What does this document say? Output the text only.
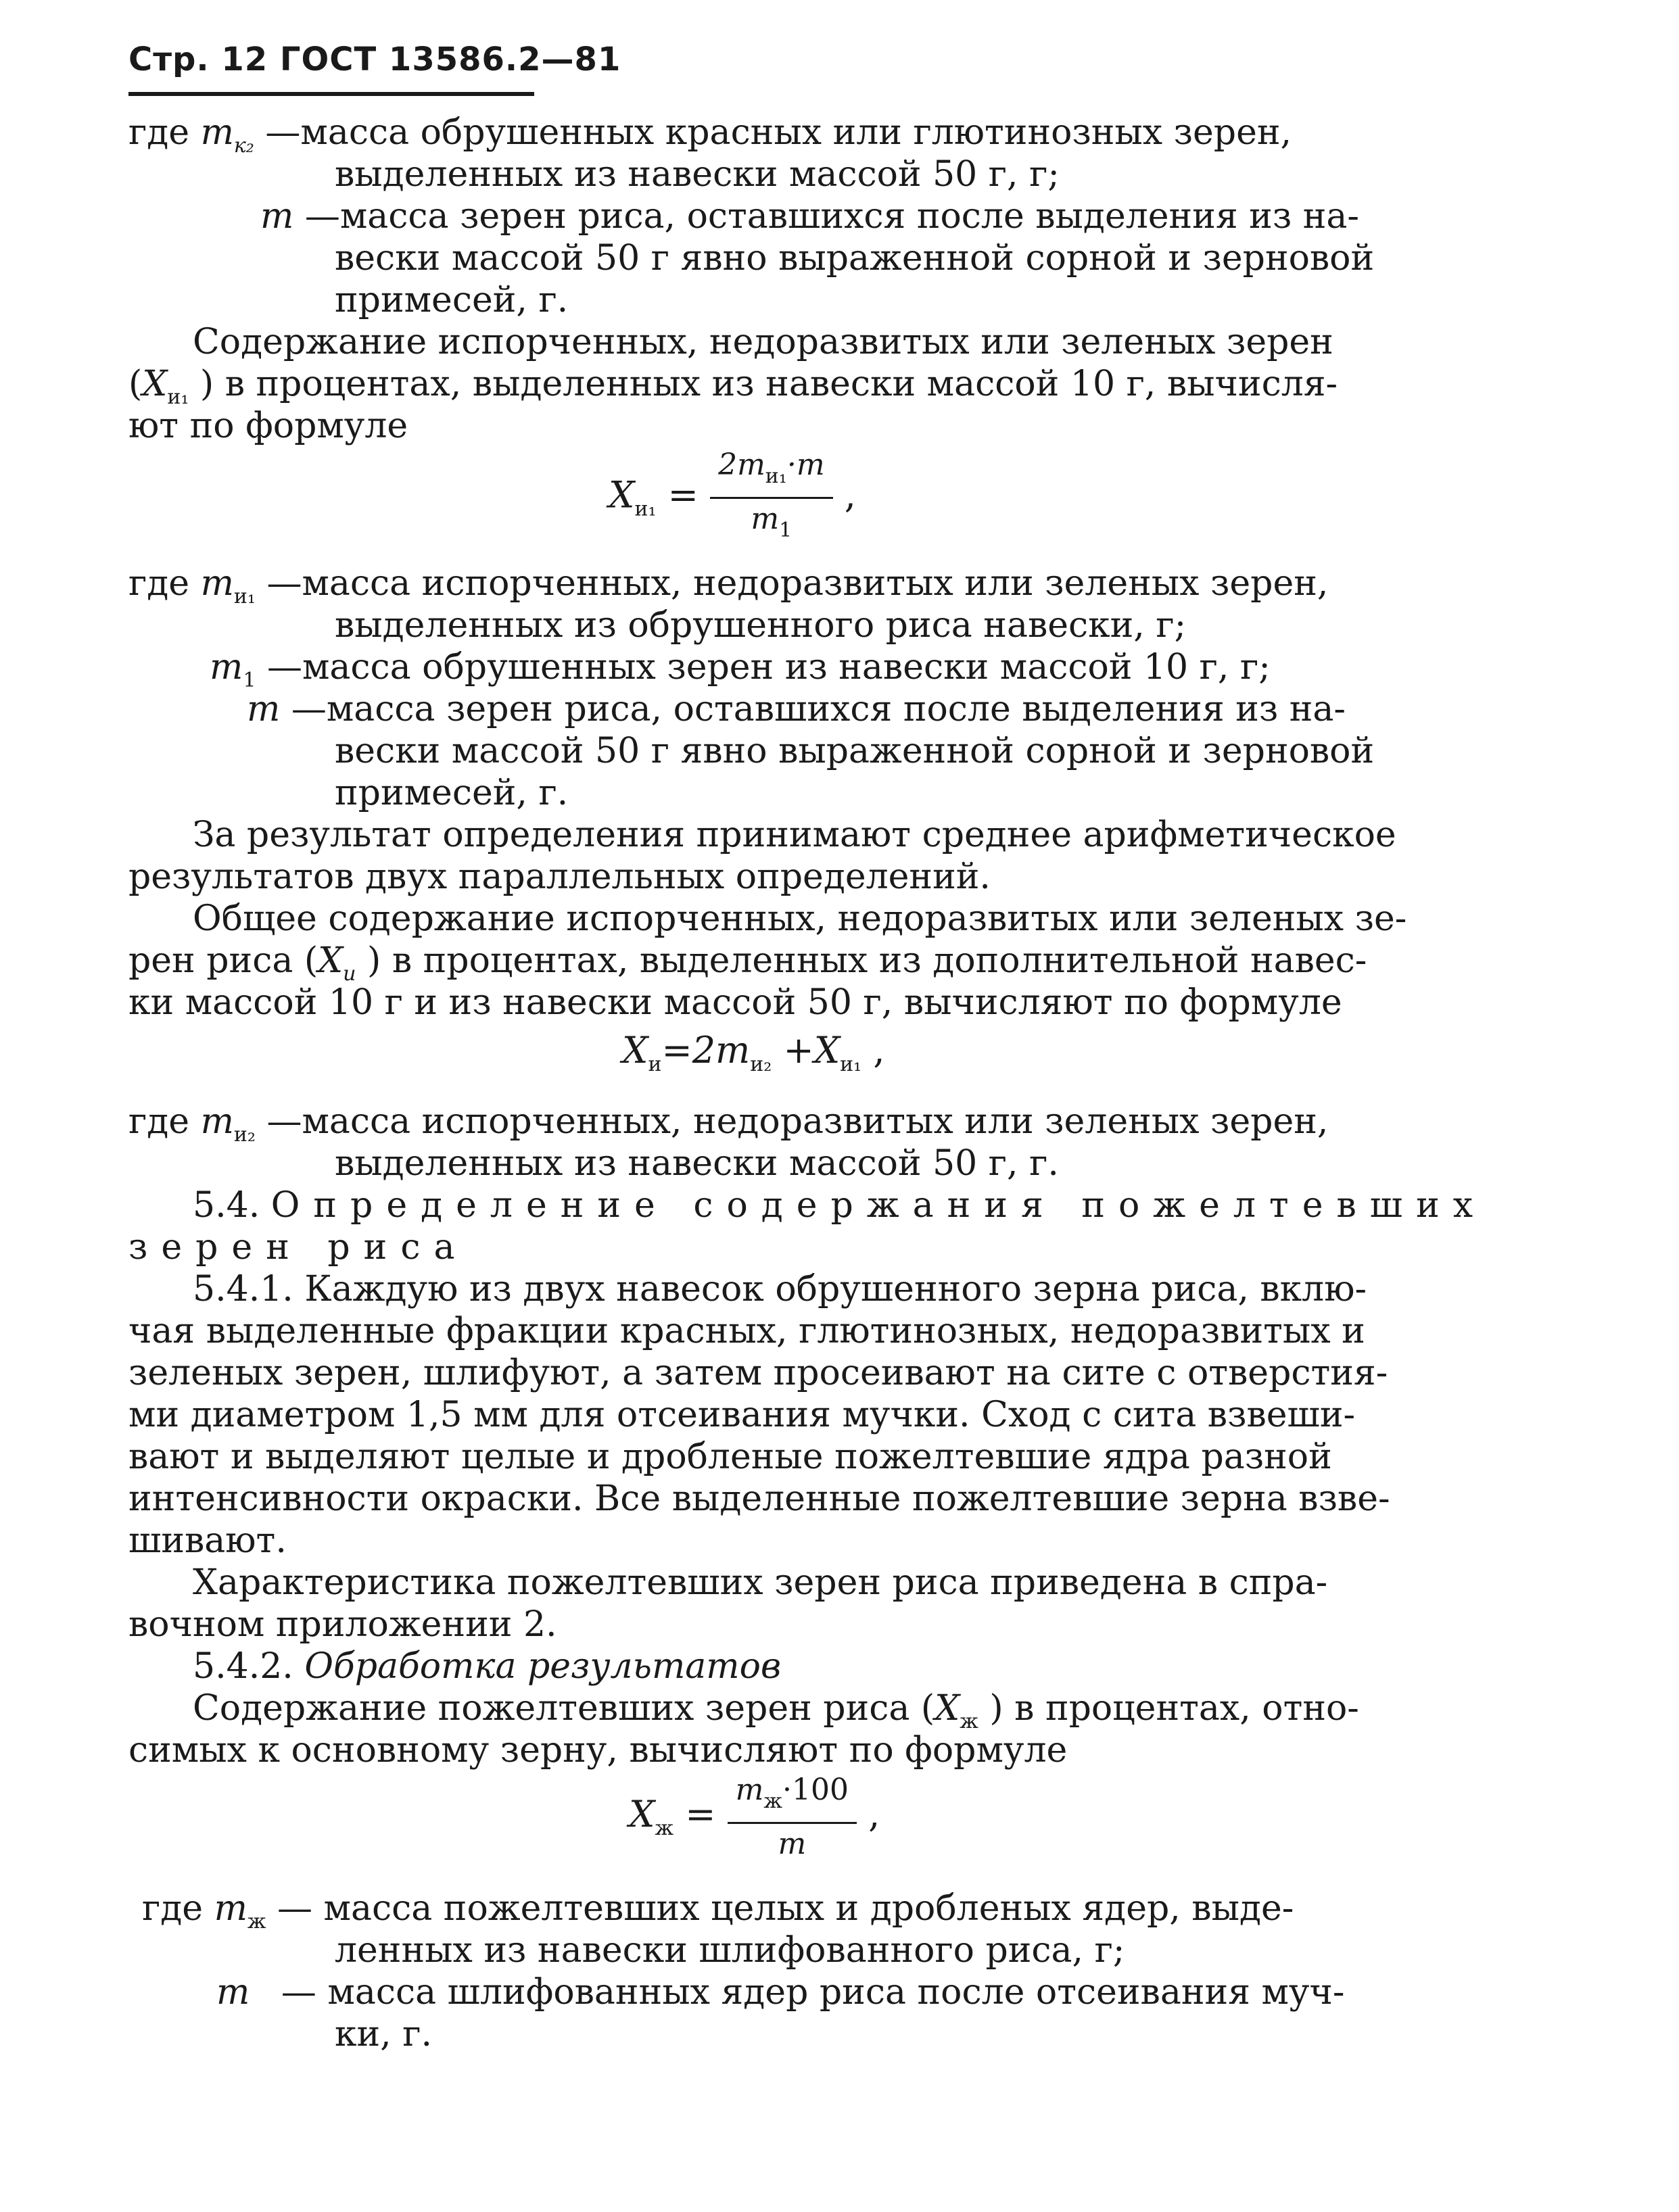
Стр. 12 ГОСТ 13586.2—81
где $m_{к_2}$ —масса обрушенных красных или глютинозных зерен,
выделенных из навески массой 50 г, г;
m —масса зерен риса, оставшихся после выделения из на-
вески массой 50 г явно выраженной сорной и зерновой
примесей, г.
Содержание испорченных, недоразвитых или зеленых зерен
($X_{и_1}$ ) в процентах, выделенных из навески массой 10 г, вычисля-
ют по формуле
$X_{и_1} = \frac{2m_{и_1}\cdot m}{m_1}$ ,
где $m_{и_1}$ —масса испорченных, недоразвитых или зеленых зерен,
выделенных из обрушенного риса навески, г;
$m_1$ —масса обрушенных зерен из навески массой 10 г, г;
m —масса зерен риса, оставшихся после выделения из на-
вески массой 50 г явно выраженной сорной и зерновой
примесей, г.
За результат определения принимают среднее арифметическое
результатов двух параллельных определений.
Общее содержание испорченных, недоразвитых или зеленых зе-
рен риса ($X_и$ ) в процентах, выделенных из дополнительной навес-
ки массой 10 г и из навески массой 50 г, вычисляют по формуле
$X_и=2m_{и_2} +X_{и_1}$ ,
где $m_{и_2}$ —масса испорченных, недоразвитых или зеленых зерен,
выделенных из навески массой 50 г, г.
5.4. Определение содержания пожелтевших
зерен риса
5.4.1. Каждую из двух навесок обрушенного зерна риса, вклю-
чая выделенные фракции красных, глютинозных, недоразвитых и
зеленых зерен, шлифуют, а затем просеивают на сите с отверстия-
ми диаметром 1,5 мм для отсеивания мучки. Сход с сита взвеши-
вают и выделяют целые и дробленые пожелтевшие ядра разной
интенсивности окраски. Все выделенные пожелтевшие зерна взве-
шивают.
Характеристика пожелтевших зерен риса приведена в спра-
вочном приложении 2.
5.4.2. Обработка результатов
Содержание пожелтевших зерен риса ($X_ж$ ) в процентах, отно-
симых к основному зерну, вычисляют по формуле
$X_ж = \frac{m_ж\cdot 100}{m}$ ,
где $m_ж$ — масса пожелтевших целых и дробленых ядер, выде-
ленных из навески шлифованного риса, г;
m — масса шлифованных ядер риса после отсеивания муч-
ки, г.
